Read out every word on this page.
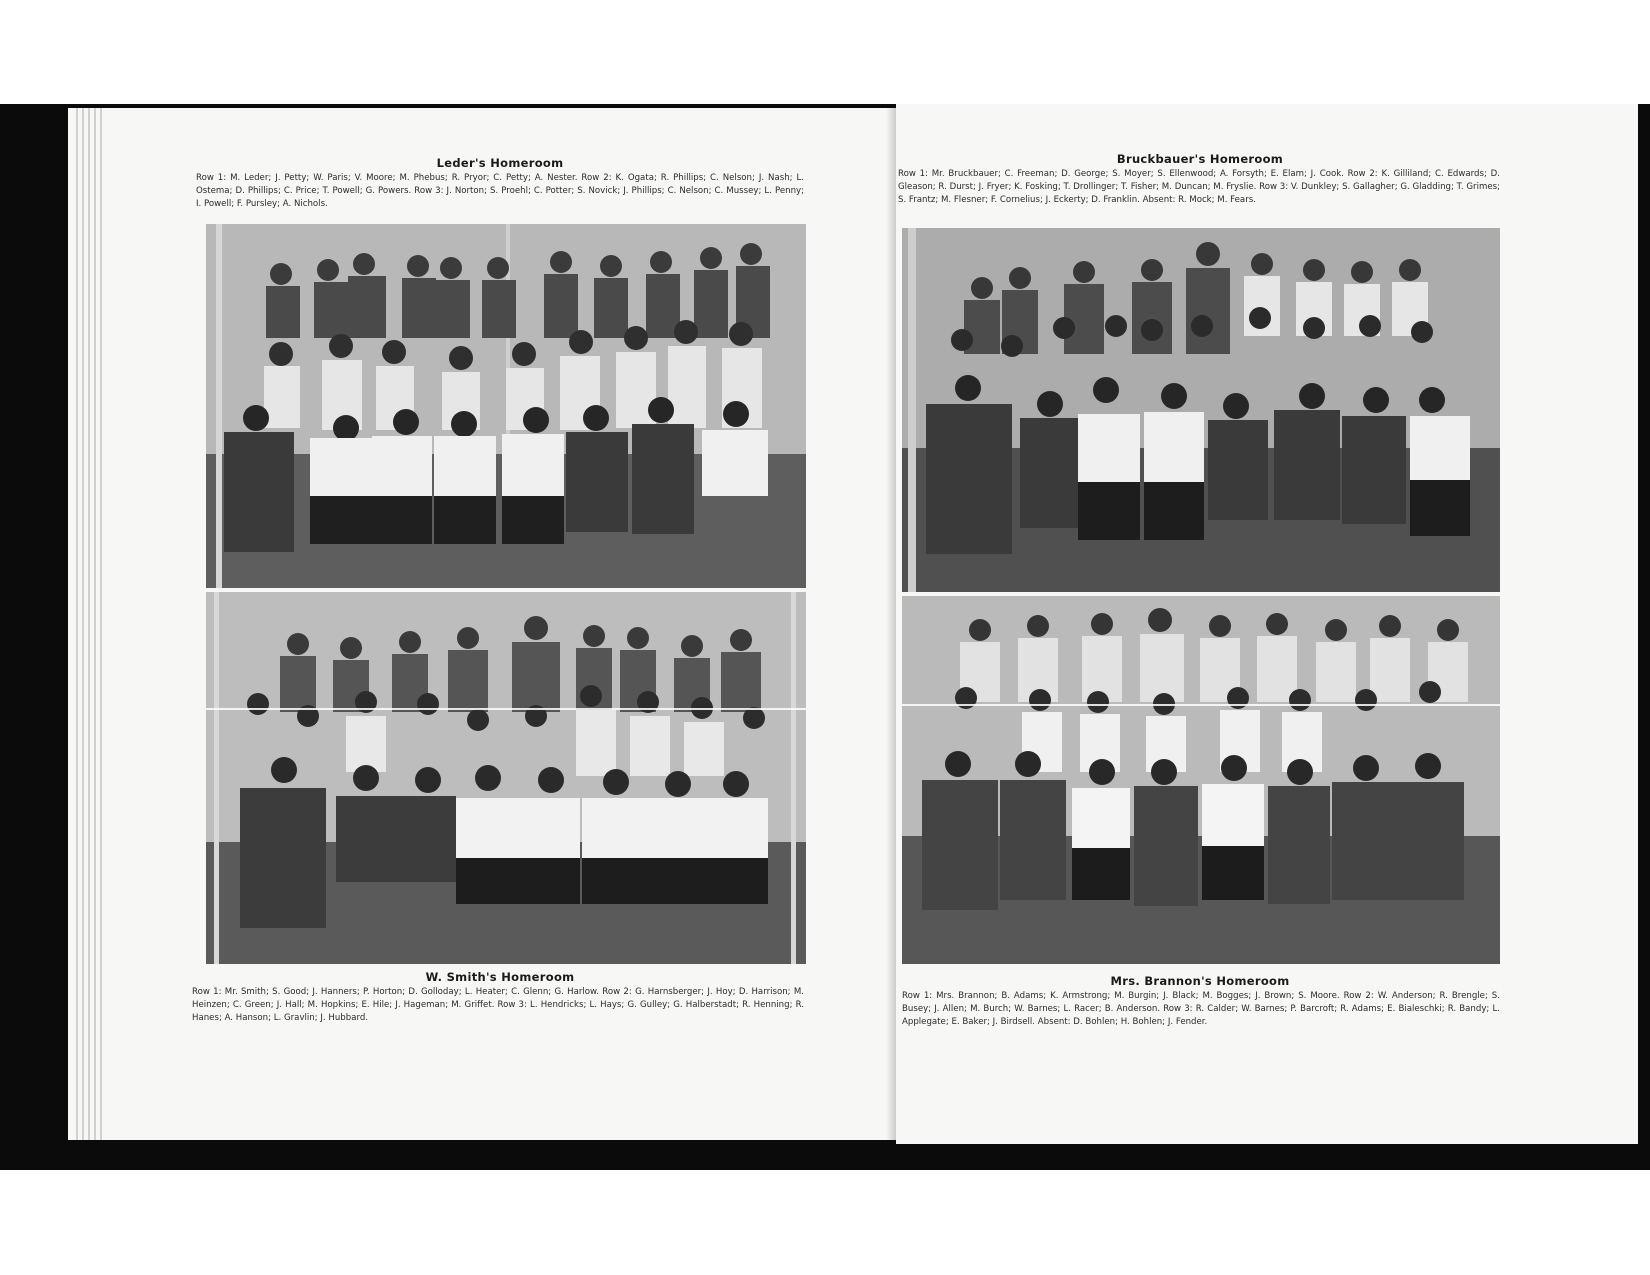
Leder's Homeroom
Row 1: M. Leder; J. Petty; W. Paris; V. Moore; M. Phebus; R. Pryor; C. Petty; A. Nester. Row 2: K. Ogata; R. Phillips; C. Nelson; J. Nash; L. Ostema; D. Phillips; C. Price; T. Powell; G. Powers. Row 3: J. Norton; S. Proehl; C. Potter; S. Novick; J. Phillips; C. Nelson; C. Mussey; L. Penny; I. Powell; F. Pursley; A. Nichols.
W. Smith's Homeroom
Row 1: Mr. Smith; S. Good; J. Hanners; P. Horton; D. Golloday; L. Heater; C. Glenn; G. Harlow. Row 2: G. Harnsberger; J. Hoy; D. Harrison; M. Heinzen; C. Green; J. Hall; M. Hopkins; E. Hile; J. Hageman; M. Griffet. Row 3: L. Hendricks; L. Hays; G. Gulley; G. Halberstadt; R. Henning; R. Hanes; A. Hanson; L. Gravlin; J. Hubbard.
Bruckbauer's Homeroom
Row 1: Mr. Bruckbauer; C. Freeman; D. George; S. Moyer; S. Ellenwood; A. Forsyth; E. Elam; J. Cook. Row 2: K. Gilliland; C. Edwards; D. Gleason; R. Durst; J. Fryer; K. Fosking; T. Drollinger; T. Fisher; M. Duncan; M. Fryslie. Row 3: V. Dunkley; S. Gallagher; G. Gladding; T. Grimes; S. Frantz; M. Flesner; F. Cornelius; J. Eckerty; D. Franklin. Absent: R. Mock; M. Fears.
Mrs. Brannon's Homeroom
Row 1: Mrs. Brannon; B. Adams; K. Armstrong; M. Burgin; J. Black; M. Bogges; J. Brown; S. Moore. Row 2: W. Anderson; R. Brengle; S. Busey; J. Allen; M. Burch; W. Barnes; L. Racer; B. Anderson. Row 3: R. Calder; W. Barnes; P. Barcroft; R. Adams; E. Bialeschki; R. Bandy; L. Applegate; E. Baker; J. Birdsell. Absent: D. Bohlen; H. Bohlen; J. Fender.
